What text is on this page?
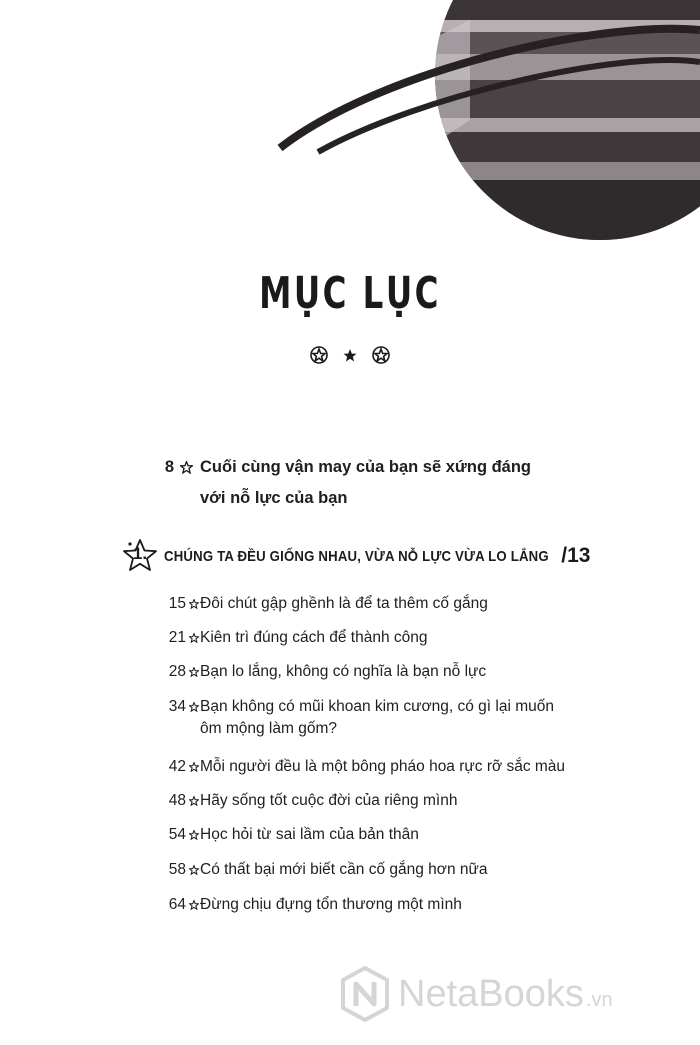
MỤC LỤC
8 Cuối cùng vận may của bạn sẽ xứng đáng
với nỗ lực của bạn
1.	CHÚNG TA ĐỀU GIỐNG NHAU, VỪA NỖ LỰC VỪA LO LẮNG /13
15 Đôi chút gập ghềnh là để ta thêm cố gắng
21 Kiên trì đúng cách để thành công
28 Bạn lo lắng, không có nghĩa là bạn nỗ lực
34 Bạn không có mũi khoan kim cương, có gì lại muốn
ôm mộng làm gốm?
42 Mỗi người đều là một bông pháo hoa rực rỡ sắc màu
48 Hãy sống tốt cuộc đời của riêng mình
54 Học hỏi từ sai lầm của bản thân
58 Có thất bại mới biết cần cố gắng hơn nữa
64 Đừng chịu đựng tổn thương một mình
NetaBooks .vn
